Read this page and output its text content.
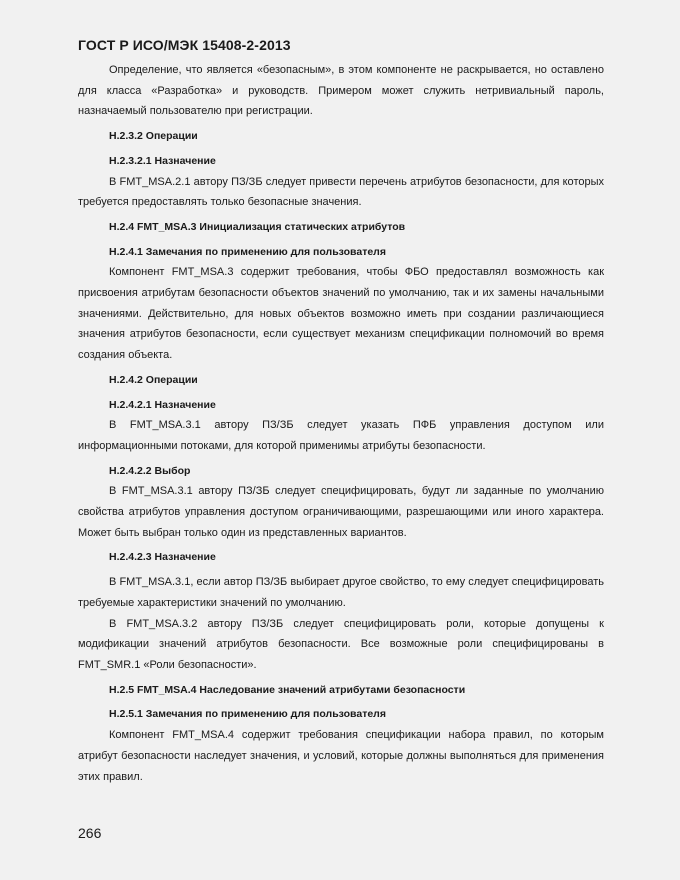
ГОСТ Р ИСО/МЭК 15408-2-2013

Определение, что является «безопасным», в этом компоненте не раскрывается, но оставлено для класса «Разработка» и руководств. Примером может служить нетривиальный пароль, назначаемый пользователю при регистрации.

H.2.3.2 Операции
H.2.3.2.1 Назначение

В FMT_MSA.2.1 автору ПЗ/ЗБ следует привести перечень атрибутов безопасности, для которых требуется предоставлять только безопасные значения.

H.2.4 FMT_MSA.3 Инициализация статических атрибутов
H.2.4.1 Замечания по применению для пользователя

Компонент FMT_MSA.3 содержит требования, чтобы ФБО предоставлял возможность как присвоения атрибутам безопасности объектов значений по умолчанию, так и их замены начальными значениями. Действительно, для новых объектов возможно иметь при создании различающиеся значения атрибутов безопасности, если существует механизм спецификации полномочий во время создания объекта.

H.2.4.2 Операции
H.2.4.2.1 Назначение

В FMT_MSA.3.1 автору ПЗ/ЗБ следует указать ПФБ управления доступом или информационными потоками, для которой применимы атрибуты безопасности.

H.2.4.2.2 Выбор

В FMT_MSA.3.1 автору ПЗ/ЗБ следует специфицировать, будут ли заданные по умолчанию свойства атрибутов управления доступом ограничивающими, разрешающими или иного характера. Может быть выбран только один из представленных вариантов.

H.2.4.2.3 Назначение

В FMT_MSA.3.1, если автор ПЗ/ЗБ выбирает другое свойство, то ему следует специфицировать требуемые характеристики значений по умолчанию.

В FMT_MSA.3.2 автору ПЗ/ЗБ следует специфицировать роли, которые допущены к модификации значений атрибутов безопасности. Все возможные роли специфицированы в FMT_SMR.1 «Роли безопасности».

H.2.5 FMT_MSA.4 Наследование значений атрибутами безопасности
H.2.5.1 Замечания по применению для пользователя

Компонент FMT_MSA.4 содержит требования спецификации набора правил, по которым атрибут безопасности наследует значения, и условий, которые должны выполняться для применения этих правил.

266
